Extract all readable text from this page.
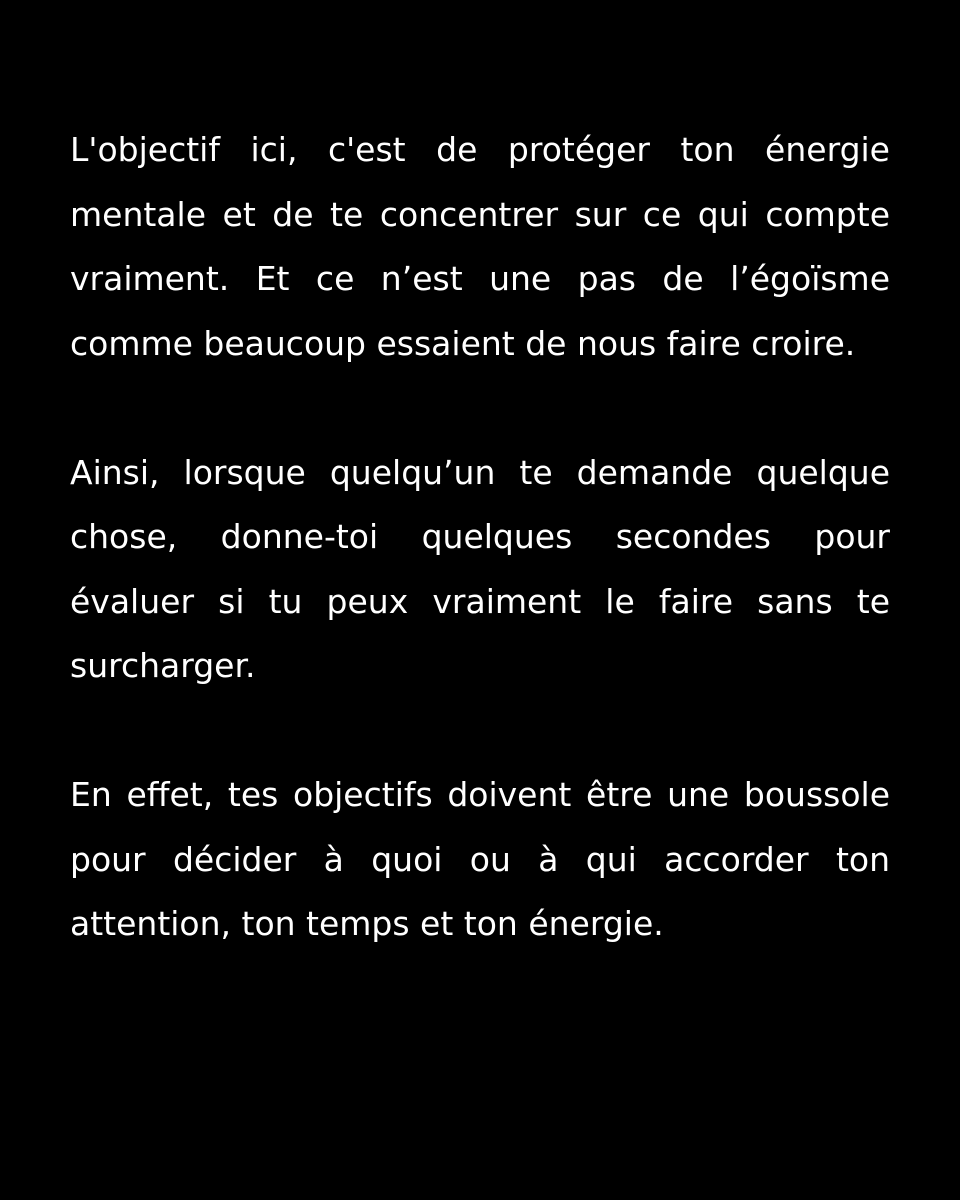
L'objectif ici, c'est de protéger ton énergie mentale et de te concentrer sur ce qui compte vraiment. Et ce n’est une pas de l’égoïsme comme beaucoup essaient de nous faire croire.

Ainsi, lorsque quelqu’un te demande quelque chose, donne-toi quelques secondes pour évaluer si tu peux vraiment le faire sans te surcharger.

En effet, tes objectifs doivent être une boussole pour décider à quoi ou à qui accorder ton attention, ton temps et ton énergie.
